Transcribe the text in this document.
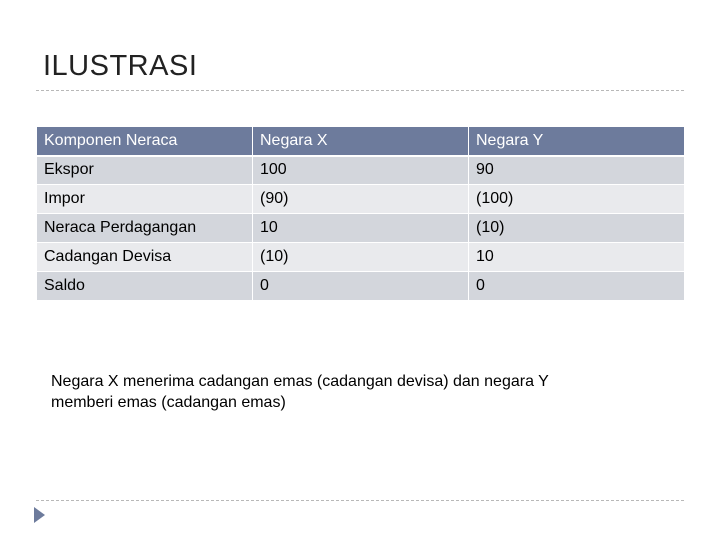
ILUSTRASI
Komponen Neraca	Negara X	Negara Y
Ekspor	100	90
Impor	(90)	(100)
Neraca Perdagangan	10	(10)
Cadangan Devisa	(10)	10
Saldo	0	0
Negara X menerima cadangan emas (cadangan devisa) dan negara Y memberi emas (cadangan emas)
